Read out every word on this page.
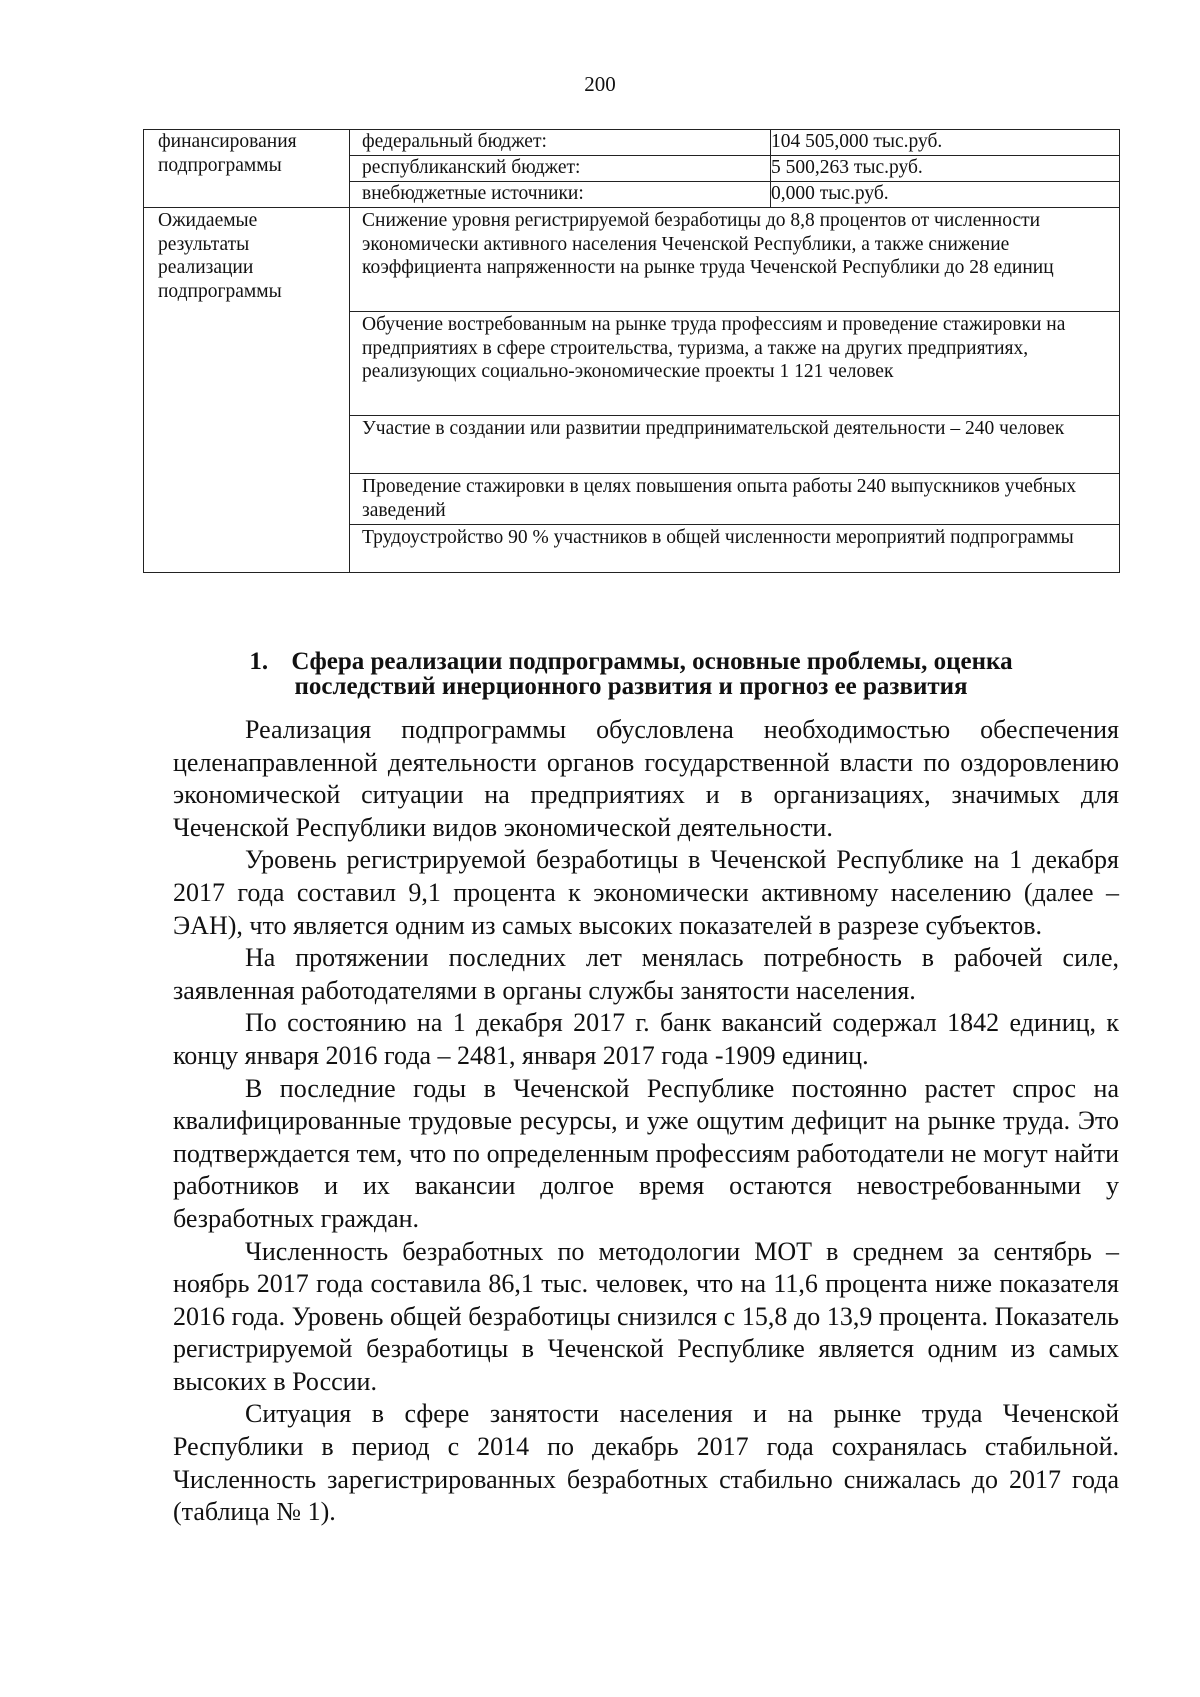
200
финансирования подпрограммы	федеральный бюджет:	104 505,000 тыс.руб.
	республиканский бюджет:	5 500,263 тыс.руб.
	внебюджетные источники:	0,000 тыс.руб.
Ожидаемые результаты реализации подпрограммы	Снижение уровня регистрируемой безработицы до 8,8 процентов от численности экономически активного населения Чеченской Республики, а также снижение коэффициента напряженности на рынке труда Чеченской Республики до 28 единиц	
	Обучение востребованным на рынке труда профессиям и проведение стажировки на предприятиях в сфере строительства, туризма, а также на других предприятиях, реализующих социально-экономические проекты 1 121 человек	
	Участие в создании или развитии предпринимательской деятельности – 240 человек	
	Проведение стажировки в целях повышения опыта работы 240 выпускников учебных заведений	
	Трудоустройство 90 % участников в общей численности мероприятий подпрограммы	
1. Сфера реализации подпрограммы, основные проблемы, оценка
последствий инерционного развития и прогноз ее развития

Реализация подпрограммы обусловлена необходимостью обеспечения целенаправленной деятельности органов государственной власти по оздоровлению экономической ситуации на предприятиях и в организациях, значимых для Чеченской Республики видов экономической деятельности.

Уровень регистрируемой безработицы в Чеченской Республике на 1 декабря 2017 года составил 9,1 процента к экономически активному населению (далее – ЭАН), что является одним из самых высоких показателей в разрезе субъектов.

На протяжении последних лет менялась потребность в рабочей силе, заявленная работодателями в органы службы занятости населения.

По состоянию на 1 декабря 2017 г. банк вакансий содержал 1842 единиц, к концу января 2016 года – 2481, января 2017 года -1909 единиц.

В последние годы в Чеченской Республике постоянно растет спрос на квалифицированные трудовые ресурсы, и уже ощутим дефицит на рынке труда. Это подтверждается тем, что по определенным профессиям работодатели не могут найти работников и их вакансии долгое время остаются невостребованными у безработных граждан.

Численность безработных по методологии МОТ в среднем за сентябрь – ноябрь 2017 года составила 86,1 тыс. человек, что на 11,6 процента ниже показателя 2016 года. Уровень общей безработицы снизился с 15,8 до 13,9 процента. Показатель регистрируемой безработицы в Чеченской Республике является одним из самых высоких в России.

Ситуация в сфере занятости населения и на рынке труда Чеченской Республики в период с 2014 по декабрь 2017 года сохранялась стабильной. Численность зарегистрированных безработных стабильно снижалась до 2017 года (таблица № 1).
